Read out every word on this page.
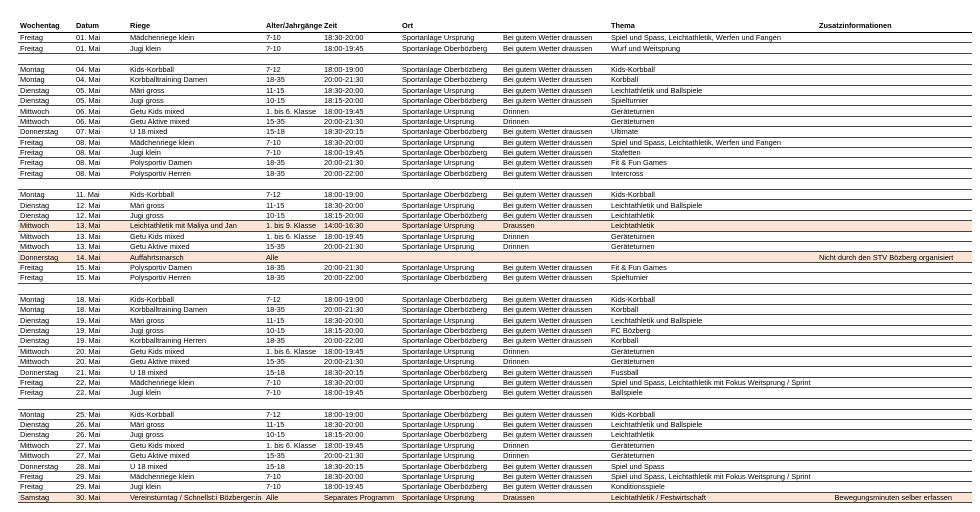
Wochentag	Datum	Riege	Alter/Jahrgänge	Zeit	Ort		Thema	Zusatzinformationen
Freitag	01. Mai	Mädchenriege klein	7-10	18:30-20:00	Sportanlage Ursprung	Bei gutem Wetter draussen	Spiel und Spass, Leichtathletik, Werfen und Fangen	
Freitag	01. Mai	Jugi klein	7-10	18:00-19:45	Sportanlage Oberbözberg	Bei gutem Wetter draussen	Wurf und Weitsprung	

Montag	04. Mai	Kids-Korbball	7-12	18:00-19:00	Sportanlage Oberbözberg	Bei gutem Wetter draussen	Kids-Korbball	
Montag	04. Mai	Korbballtraining Damen	18-35	20:00-21:30	Sportanlage Oberbözberg	Bei gutem Wetter draussen	Korbball	
Dienstag	05. Mai	Märi gross	11-15	18:30-20:00	Sportanlage Ursprung	Bei gutem Wetter draussen	Leichtathletik und Ballspiele	
Dienstag	05. Mai	Jugi gross	10-15	18:15-20:00	Sportanlage Oberbözberg	Bei gutem Wetter draussen	Spielturnier	
Mittwoch	06. Mai	Getu Kids mixed	1. bis 6. Klasse	18:00-19:45	Sportanlage Ursprung	Drinnen	Geräteturnen	
Mittwoch	06. Mai	Getu Aktive mixed	15-35	20:00-21:30	Sportanlage Ursprung	Drinnen	Geräteturnen	
Donnerstag	07. Mai	U 18 mixed	15-18	18:30-20:15	Sportanlage Oberbözberg	Bei gutem Wetter draussen	Ultimate	
Freitag	08. Mai	Mädchenriege klein	7-10	18:30-20:00	Sportanlage Ursprung	Bei gutem Wetter draussen	Spiel und Spass, Leichtathletik, Werfen und Fangen	
Freitag	08. Mai	Jugi klein	7-10	18:00-19:45	Sportanlage Oberbözberg	Bei gutem Wetter draussen	Stafetten	
Freitag	08. Mai	Polysportiv Damen	18-35	20:00-21:30	Sportanlage Ursprung	Bei gutem Wetter draussen	Fit & Fun Games	
Freitag	08. Mai	Polysportiv Herren	18-35	20:00-22:00	Sportanlage Oberbözberg	Bei gutem Wetter draussen	Intercross	

Montag	11. Mai	Kids-Korbball	7-12	18:00-19:00	Sportanlage Oberbözberg	Bei gutem Wetter draussen	Kids-Korbball	
Dienstag	12. Mai	Märi gross	11-15	18:30-20:00	Sportanlage Ursprung	Bei gutem Wetter draussen	Leichtathletik und Ballspiele	
Dienstag	12. Mai	Jugi gross	10-15	18:15-20:00	Sportanlage Oberbözberg	Bei gutem Wetter draussen	Leichtathletik	
Mittwoch	13. Mai	Leichtathletik mit Maliya und Jan	1. bis 9. Klasse	14:00-16:30	Sportanlage Ursprung	Draussen	Leichtathletik	
Mittwoch	13. Mai	Getu Kids mixed	1. bis 6. Klasse	18:00-19:45	Sportanlage Ursprung	Drinnen	Geräteturnen	
Mittwoch	13. Mai	Getu Aktive mixed	15-35	20:00-21:30	Sportanlage Ursprung	Drinnen	Geräteturnen	
Donnerstag	14. Mai	Auffahrtsmarsch	Alle					Nicht durch den STV Bözberg organisiert
Freitag	15. Mai	Polysportiv Damen	18-35	20:00-21:30	Sportanlage Ursprung	Bei gutem Wetter draussen	Fit & Fun Games	
Freitag	15. Mai	Polysportiv Herren	18-35	20:00-22:00	Sportanlage Oberbözberg	Bei gutem Wetter draussen	Spielturnier	

Montag	18. Mai	Kids-Korbball	7-12	18:00-19:00	Sportanlage Oberbözberg	Bei gutem Wetter draussen	Kids-Korbball	
Montag	18. Mai	Korbballtraining Damen	18-35	20:00-21:30	Sportanlage Oberbözberg	Bei gutem Wetter draussen	Korbball	
Dienstag	19. Mai	Märi gross	11-15	18:30-20:00	Sportanlage Ursprung	Bei gutem Wetter draussen	Leichtathletik und Ballspiele	
Dienstag	19. Mai	Jugi gross	10-15	18:15-20:00	Sportanlage Oberbözberg	Bei gutem Wetter draussen	FC Bözberg	
Dienstag	19. Mai	Korbballtraining Herren	18-35	20:00-22:00	Sportanlage Oberbözberg	Bei gutem Wetter draussen	Korbball	
Mittwoch	20. Mai	Getu Kids mixed	1. bis 6. Klasse	18:00-19:45	Sportanlage Ursprung	Drinnen	Geräteturnen	
Mittwoch	20. Mai	Getu Aktive mixed	15-35	20:00-21:30	Sportanlage Ursprung	Drinnen	Geräteturnen	
Donnerstag	21. Mai	U 18 mixed	15-18	18:30-20:15	Sportanlage Oberbözberg	Bei gutem Wetter draussen	Fussball	
Freitag	22. Mai	Mädchenriege klein	7-10	18:30-20:00	Sportanlage Ursprung	Bei gutem Wetter draussen	Spiel und Spass, Leichtathletik mit Fokus Weitsprung / Sprint	
Freitag	22. Mai	Jugi klein	7-10	18:00-19:45	Sportanlage Oberbözberg	Bei gutem Wetter draussen	Ballspiele	

Montag	25. Mai	Kids-Korbball	7-12	18:00-19:00	Sportanlage Oberbözberg	Bei gutem Wetter draussen	Kids-Korbball	
Dienstag	26. Mai	Märi gross	11-15	18:30-20:00	Sportanlage Ursprung	Bei gutem Wetter draussen	Leichtathletik und Ballspiele	
Dienstag	26. Mai	Jugi gross	10-15	18:15-20:00	Sportanlage Oberbözberg	Bei gutem Wetter draussen	Leichtathletik	
Mittwoch	27. Mai	Getu Kids mixed	1. bis 6. Klasse	18:00-19:45	Sportanlage Ursprung	Drinnen	Geräteturnen	
Mittwoch	27. Mai	Getu Aktive mixed	15-35	20:00-21:30	Sportanlage Ursprung	Drinnen	Geräteturnen	
Donnerstag	28. Mai	U 18 mixed	15-18	18:30-20:15	Sportanlage Oberbözberg	Bei gutem Wetter draussen	Spiel und Spass	
Freitag	29. Mai	Mädchenriege klein	7-10	18:30-20:00	Sportanlage Ursprung	Bei gutem Wetter draussen	Spiel und Spass, Leichtathletik mit Fokus Weitsprung / Sprint	
Freitag	29. Mai	Jugi klein	7-10	18:00-19:45	Sportanlage Oberbözberg	Bei gutem Wetter draussen	Konditionsspiele	
Samstag	30. Mai	Vereinsturntag / Schnellst:i Bözberger:in	Alle	Separates Programm	Sportanlage Ursprung	Draussen	Leichtathletik / Festwirtschaft	Bewegungsminuten selber erfassen
